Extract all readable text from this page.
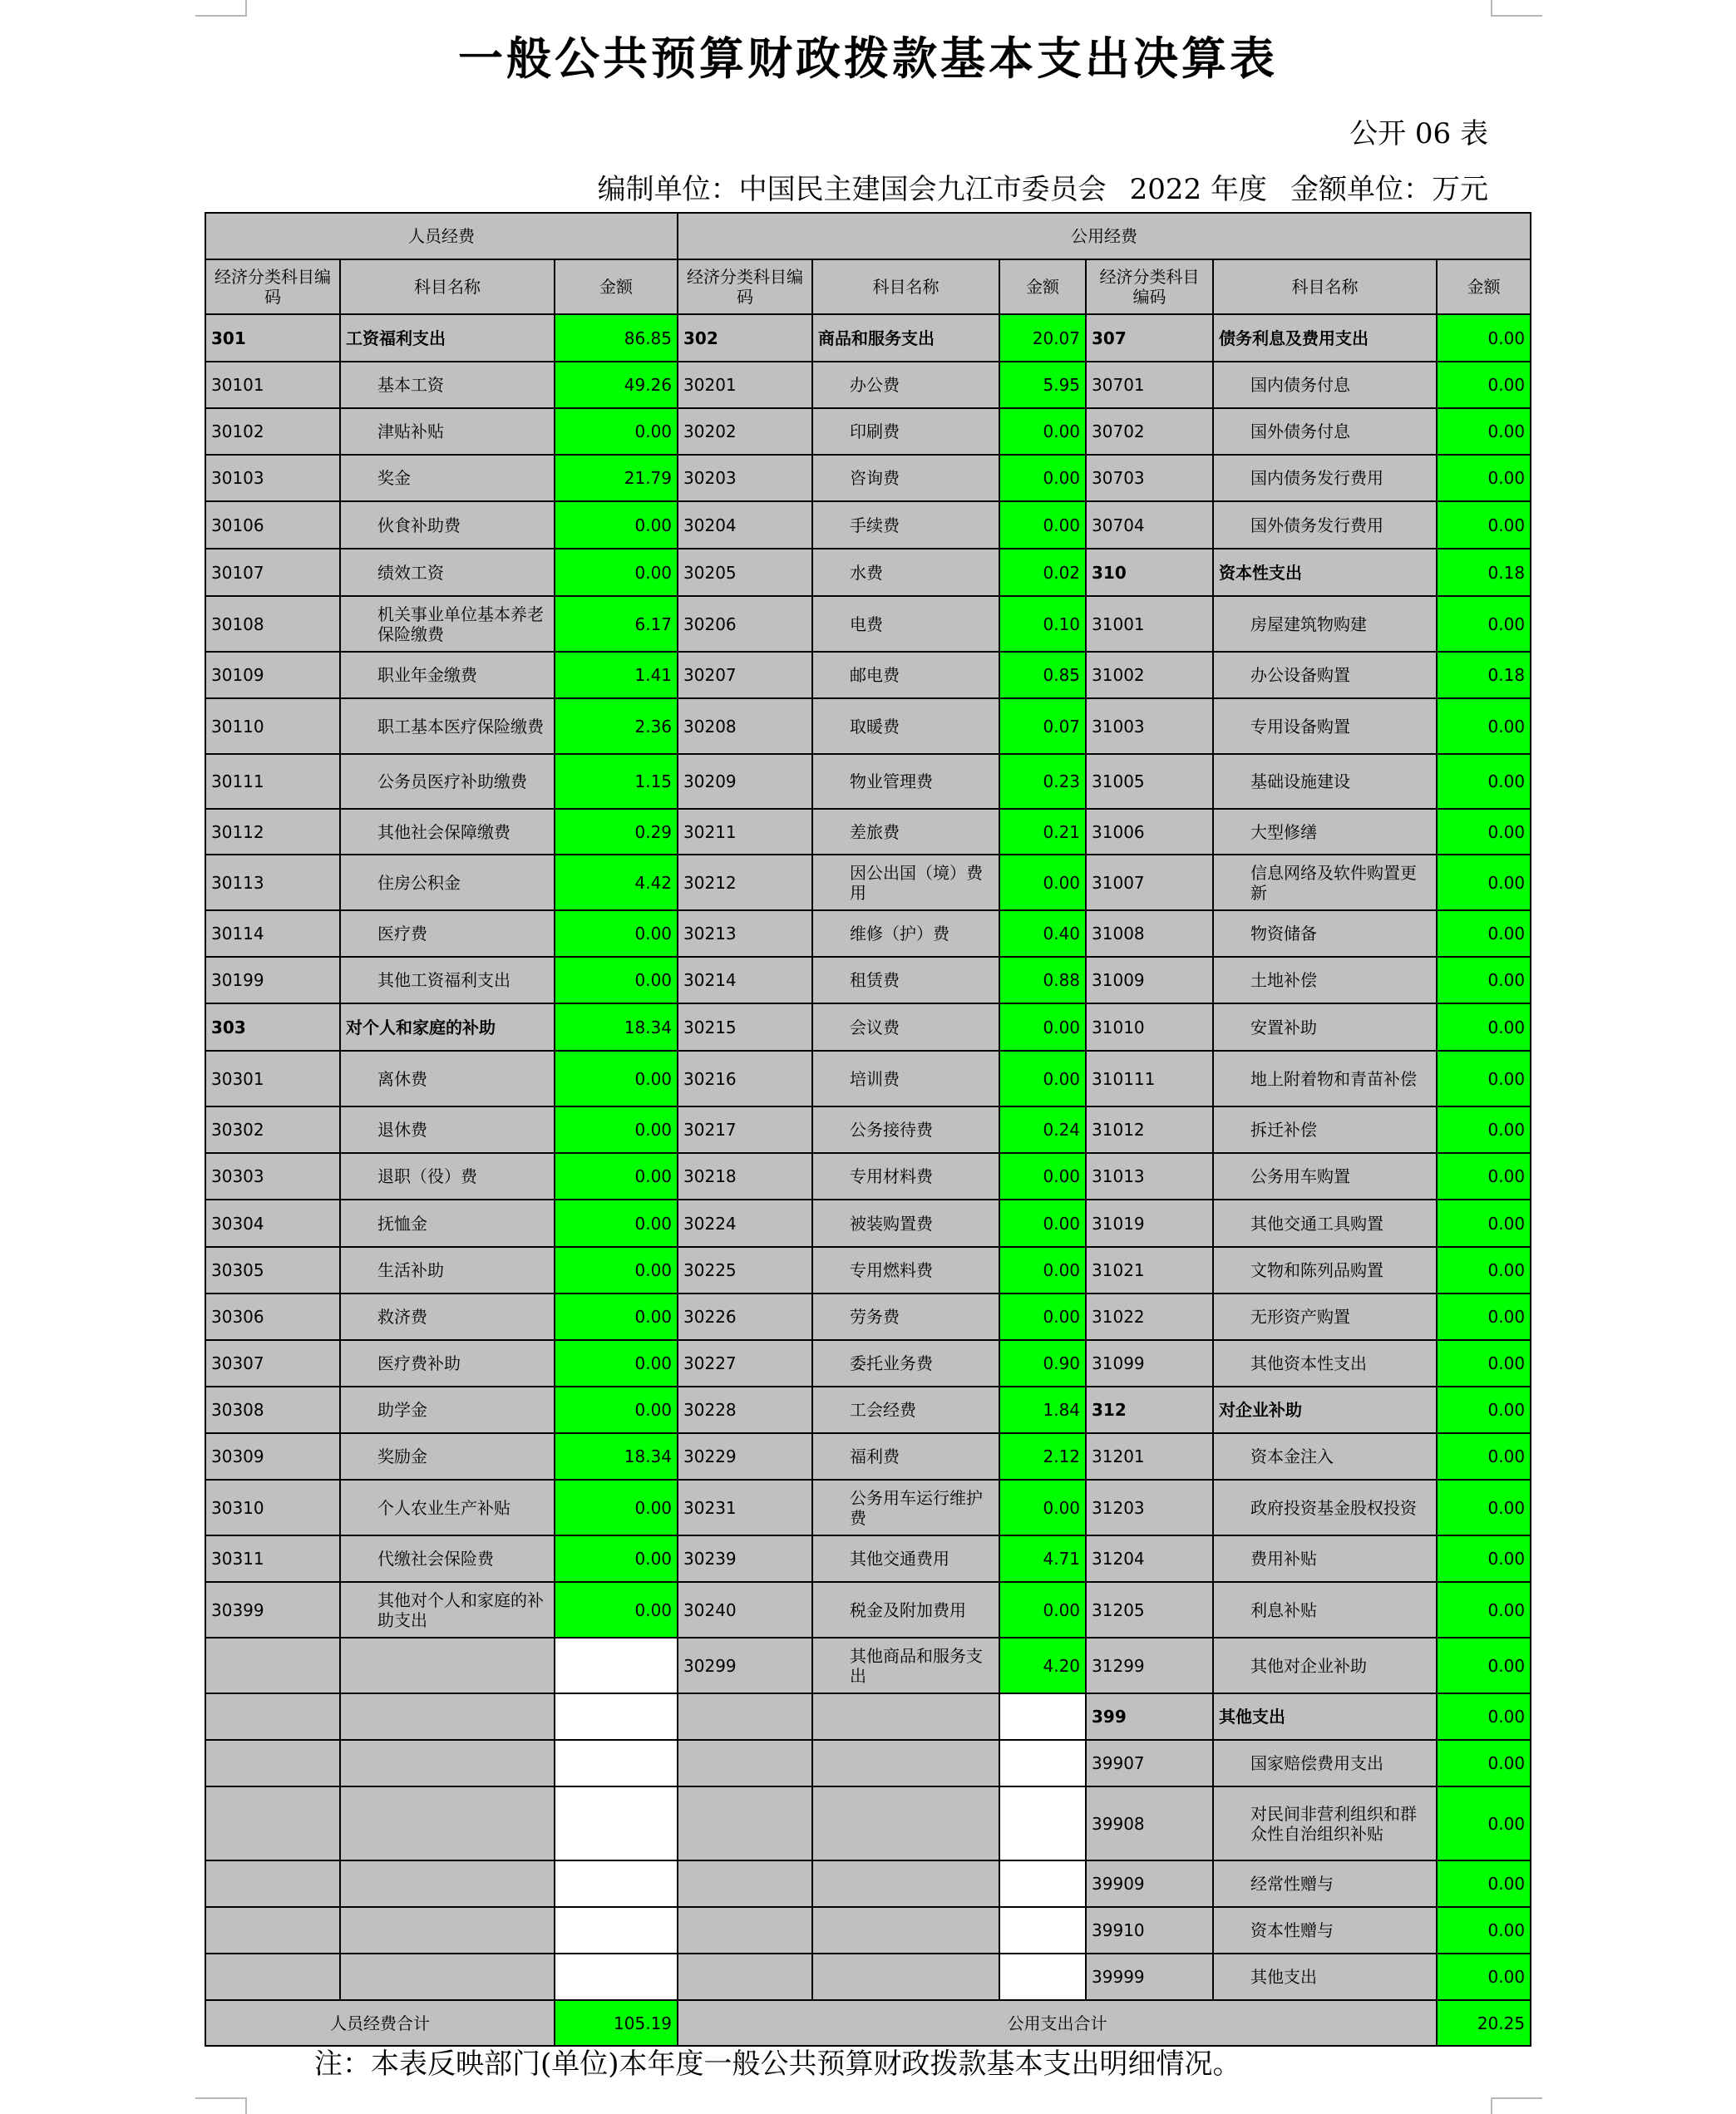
一般公共预算财政拨款基本支出决算表
公开 06 表
编制单位：中国民主建国会九江市委员会 2022 年度 金额单位：万元
人员经费			公用经费					
经济分类科目编码	科目名称	金额	经济分类科目编码	科目名称	金额	经济分类科目编码	科目名称	金额
301	工资福利支出	86.85	302	商品和服务支出	20.07	307	债务利息及费用支出	0.00
30101	基本工资	49.26	30201	办公费	5.95	30701	国内债务付息	0.00
30102	津贴补贴	0.00	30202	印刷费	0.00	30702	国外债务付息	0.00
30103	奖金	21.79	30203	咨询费	0.00	30703	国内债务发行费用	0.00
30106	伙食补助费	0.00	30204	手续费	0.00	30704	国外债务发行费用	0.00
30107	绩效工资	0.00	30205	水费	0.02	310	资本性支出	0.18
30108	机关事业单位基本养老保险缴费	6.17	30206	电费	0.10	31001	房屋建筑物购建	0.00
30109	职业年金缴费	1.41	30207	邮电费	0.85	31002	办公设备购置	0.18
30110	职工基本医疗保险缴费	2.36	30208	取暖费	0.07	31003	专用设备购置	0.00
30111	公务员医疗补助缴费	1.15	30209	物业管理费	0.23	31005	基础设施建设	0.00
30112	其他社会保障缴费	0.29	30211	差旅费	0.21	31006	大型修缮	0.00
30113	住房公积金	4.42	30212	因公出国（境）费用	0.00	31007	信息网络及软件购置更新	0.00
30114	医疗费	0.00	30213	维修（护）费	0.40	31008	物资储备	0.00
30199	其他工资福利支出	0.00	30214	租赁费	0.88	31009	土地补偿	0.00
303	对个人和家庭的补助	18.34	30215	会议费	0.00	31010	安置补助	0.00
30301	离休费	0.00	30216	培训费	0.00	310111	地上附着物和青苗补偿	0.00
30302	退休费	0.00	30217	公务接待费	0.24	31012	拆迁补偿	0.00
30303	退职（役）费	0.00	30218	专用材料费	0.00	31013	公务用车购置	0.00
30304	抚恤金	0.00	30224	被装购置费	0.00	31019	其他交通工具购置	0.00
30305	生活补助	0.00	30225	专用燃料费	0.00	31021	文物和陈列品购置	0.00
30306	救济费	0.00	30226	劳务费	0.00	31022	无形资产购置	0.00
30307	医疗费补助	0.00	30227	委托业务费	0.90	31099	其他资本性支出	0.00
30308	助学金	0.00	30228	工会经费	1.84	312	对企业补助	0.00
30309	奖励金	18.34	30229	福利费	2.12	31201	资本金注入	0.00
30310	个人农业生产补贴	0.00	30231	公务用车运行维护费	0.00	31203	政府投资基金股权投资	0.00
30311	代缴社会保险费	0.00	30239	其他交通费用	4.71	31204	费用补贴	0.00
30399	其他对个人和家庭的补助支出	0.00	30240	税金及附加费用	0.00	31205	利息补贴	0.00
			30299	其他商品和服务支出	4.20	31299	其他对企业补助	0.00
						399	其他支出	0.00
						39907	国家赔偿费用支出	0.00
						39908	对民间非营利组织和群众性自治组织补贴	0.00
						39909	经常性赠与	0.00
						39910	资本性赠与	0.00
						39999	其他支出	0.00
人员经费合计		105.19	公用支出合计					20.25
注：本表反映部门(单位)本年度一般公共预算财政拨款基本支出明细情况。
